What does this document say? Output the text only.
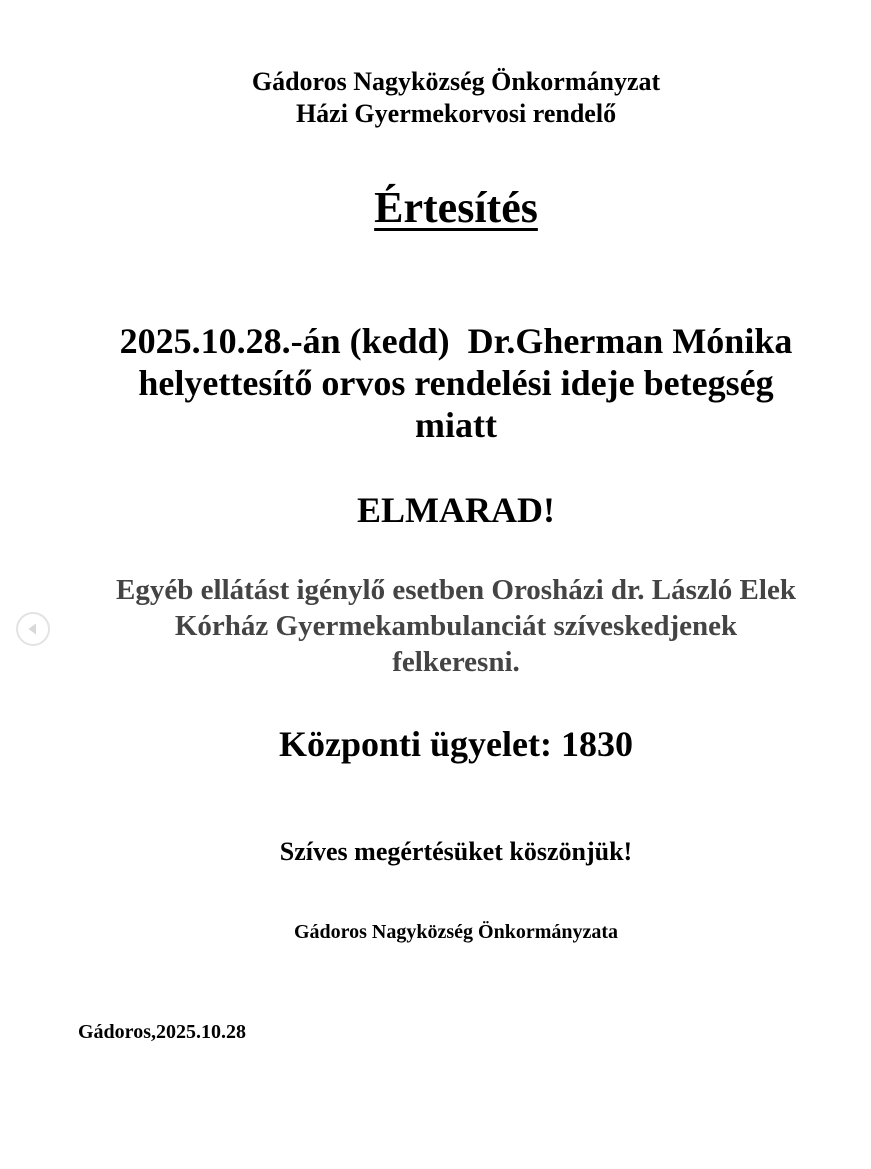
Gádoros Nagyközség Önkormányzat
Házi Gyermekorvosi rendelő
Értesítés
2025.10.28.-án (kedd)  Dr.Gherman Mónika
helyettesítő orvos rendelési ideje betegség
miatt
ELMARAD!
Egyéb ellátást igénylő esetben Orosházi dr. László Elek
Kórház Gyermekambulanciát szíveskedjenek
felkeresni.
Központi ügyelet: 1830
Szíves megértésüket köszönjük!
Gádoros Nagyközség Önkormányzata
Gádoros,2025.10.28
